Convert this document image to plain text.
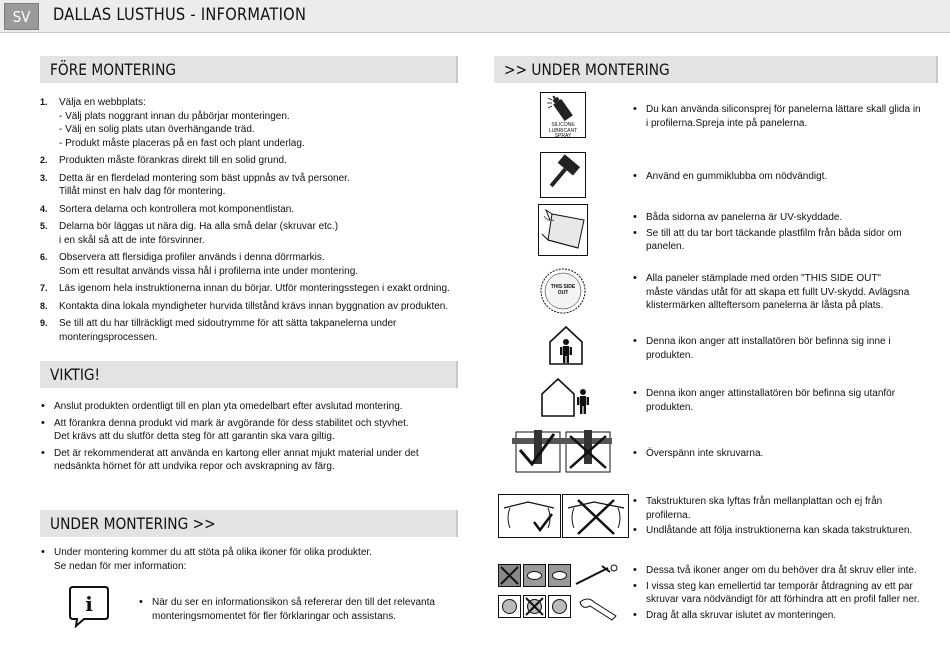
SV	DALLAS LUSTHUS - INFORMATION
FÖRE MONTERING
1. Välja en webbplats:
- Välj plats noggrant innan du påbörjar monteringen.
- Välj en solig plats utan överhängande träd.
- Produkt måste placeras på en fast och plant underlag.
2. Produkten måste förankras direkt till en solid grund.
3. Detta är en flerdelad montering som bäst uppnås av två personer.
Tillåt minst en halv dag för montering.
4. Sortera delarna och kontrollera mot komponentlistan.
5. Delarna bör läggas ut nära dig. Ha alla små delar (skruvar etc.)
i en skål så att de inte försvinner.
6. Observera att flersidiga profiler används i denna dörrmarkis.
Som ett resultat används vissa hål i profilerna inte under montering.
7. Läs igenom hela instruktionerna innan du börjar. Utför monteringsstegen i exakt ordning.
8. Kontakta dina lokala myndigheter hurvida tillstånd krävs innan byggnation av produkten.
9. Se till att du har tillräckligt med sidoutrymme för att sätta takpanelerna under
monteringsprocessen.
VIKTIG!
• Anslut produkten ordentligt till en plan yta omedelbart efter avslutad montering.
• Att förankra denna produkt vid mark är avgörande för dess stabilitet och styvhet.
Det krävs att du slutför detta steg för att garantin ska vara giltig.
• Det är rekommenderat att använda en kartong eller annat mjukt material under det
nedsänkta hörnet för att undvika repor och avskrapning av färg.
UNDER MONTERING >>
• Under montering kommer du att stöta på olika ikoner för olika produkter.
Se nedan för mer information:
i
•	När du ser en informationsikon så refererar den till det relevanta
monteringsmomentet för fler förklaringar och assistans.
>> UNDER MONTERING
SILICONE
LUBRICANT SPRAY
THIS SIDE
OUT
• Du kan använda siliconsprej för panelerna lättare skall glida in
i profilerna.Spreja inte på panelerna.
• Använd en gummiklubba om nödvändigt.
• Båda sidorna av panelerna är UV-skyddade.
• Se till att du tar bort täckande plastfilm från båda sidor om
panelen.
• Alla paneler stämplade med orden "THIS SIDE OUT"
måste vändas utåt för att skapa ett fullt UV-skydd. Avlägsna
klistermärken allteftersom panelerna är låsta på plats.
• Denna ikon anger att installatören bör befinna sig inne i
produkten.
• Denna ikon anger attinstallatören bör befinna sig utanför
produkten.
• Överspänn inte skruvarna.
• Takstrukturen ska lyftas från mellanplattan och ej från
profilerna.
• Undlåtande att följa instruktionerna kan skada takstrukturen.
• Dessa två ikoner anger om du behöver dra åt skruv eller inte.
• I vissa steg kan emellertid tar temporär åtdragning av ett par
skruvar vara nödvändigt för att förhindra att en profil faller ner.
• Drag åt alla skruvar islutet av monteringen.
